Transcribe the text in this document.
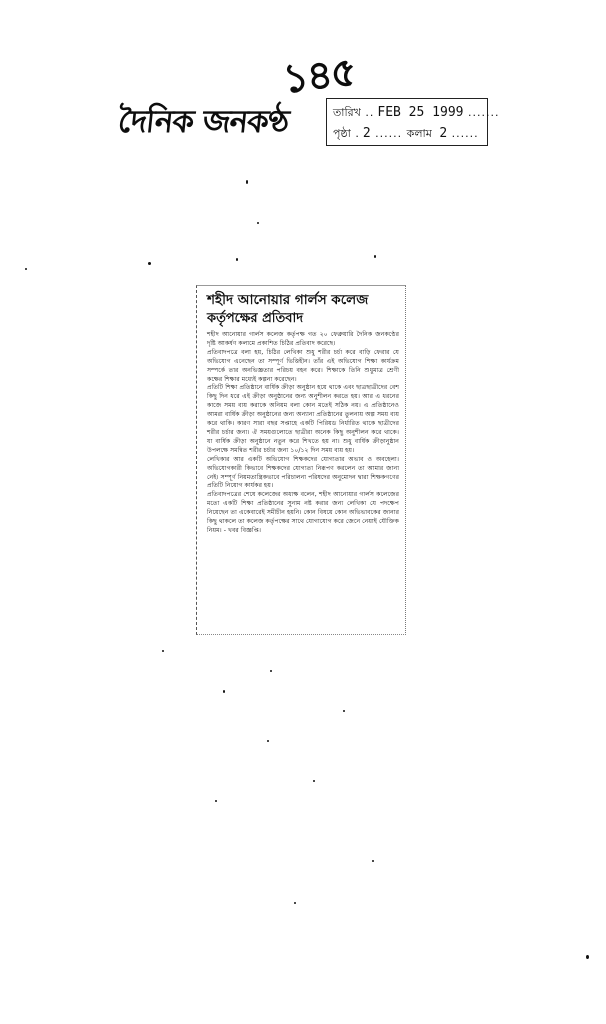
১৪৫
দৈনিক জনকণ্ঠ	তারিখ .. FEB 25 1999 .......
পৃষ্ঠা . 2 ...... কলাম 2 ......
শহীদ আনোয়ার গার্লস কলেজ
কর্তৃপক্ষের প্রতিবাদ

শহীদ আনোয়ার গার্লস কলেজ কর্তৃপক্ষ গত ২০ ফেব্রুয়ারি দৈনিক জনকণ্ঠের দৃষ্টি আকর্ষণ কলামে প্রকাশিত চিঠির প্রতিবাদ করেছে।

প্রতিবাদপত্রে বলা হয়, চিঠির লেখিকা শুধু শরীর চর্চা করে বাড়ি ফেরার যে অভিযোগ এনেছেন তা সম্পূর্ণ ভিত্তিহীন। তাঁর এই অভিযোগ শিক্ষা কার্যক্রম সম্পর্কে তার অনভিজ্ঞতার পরিচয় বহন করে। শিক্ষাকে তিনি শুধুমাত্র শ্রেণী কক্ষের শিক্ষার মধ্যেই কল্পনা করেছেন।

প্রতিটি শিক্ষা প্রতিষ্ঠানে বার্ষিক ক্রীড়া অনুষ্ঠান হয়ে থাকে এবং ছাত্রছাত্রীদের বেশ কিছু দিন ধরে এই ক্রীড়া অনুষ্ঠানের জন্য অনুশীলন করতে হয়। আর এ ধরনের কাজে সময় ব্যয় করাকে অনিয়ম বলা কোন মতেই সঠিক নয়। এ প্রতিষ্ঠানেও আমরা বার্ষিক ক্রীড়া অনুষ্ঠানের জন্য অন্যান্য প্রতিষ্ঠানের তুলনায় অল্প সময় ব্যয় করে থাকি। কারণ সারা বছর সপ্তাহে একটি পিরিয়ড নির্ধারিত থাকে ছাত্রীদের শরীর চর্চার জন্য। ঐ সময়গুলোতে ছাত্রীরা অনেক কিছু অনুশীলন করে থাকে। যা বার্ষিক ক্রীড়া অনুষ্ঠানে নতুন করে শিখতে হয় না। শুধু বার্ষিক ক্রীড়ানুষ্ঠান উপলক্ষে সমন্বিত শরীর চর্চার জন্য ১০/১২ দিন সময় ব্যয় হয়।

লেখিকার আর একটি অভিযোগ শিক্ষকদের যোগ্যতার অভাব ও অবহেলা। অভিযোগকারী কিভাবে শিক্ষকদের যোগ্যতা নিরূপণ করলেন তা আমার জানা নেই। সম্পূর্ণ নিয়মতান্ত্রিকভাবে পরিচালনা পরিষদের অনুমোদন দ্বারা শিক্ষকগণের প্রতিটি নিয়োগ কার্যকর হয়।

প্রতিবাদপত্রের শেষে কলেজের অধ্যক্ষ বলেন, শহীদ আনোয়ার গার্লস কলেজের মতো একটি শিক্ষা প্রতিষ্ঠানের সুনাম নষ্ট করার জন্য লেখিকা যে পদক্ষেপ নিয়েছেন তা একেবারেই সমীচীন হয়নি। কোন বিষয়ে কোন অভিভাবকের জানার কিছু থাকলে তা কলেজ কর্তৃপক্ষের সাথে যোগাযোগ করে জেনে নেয়াই যৌক্তিক নিয়ম। - খবর বিজ্ঞপ্তি।
